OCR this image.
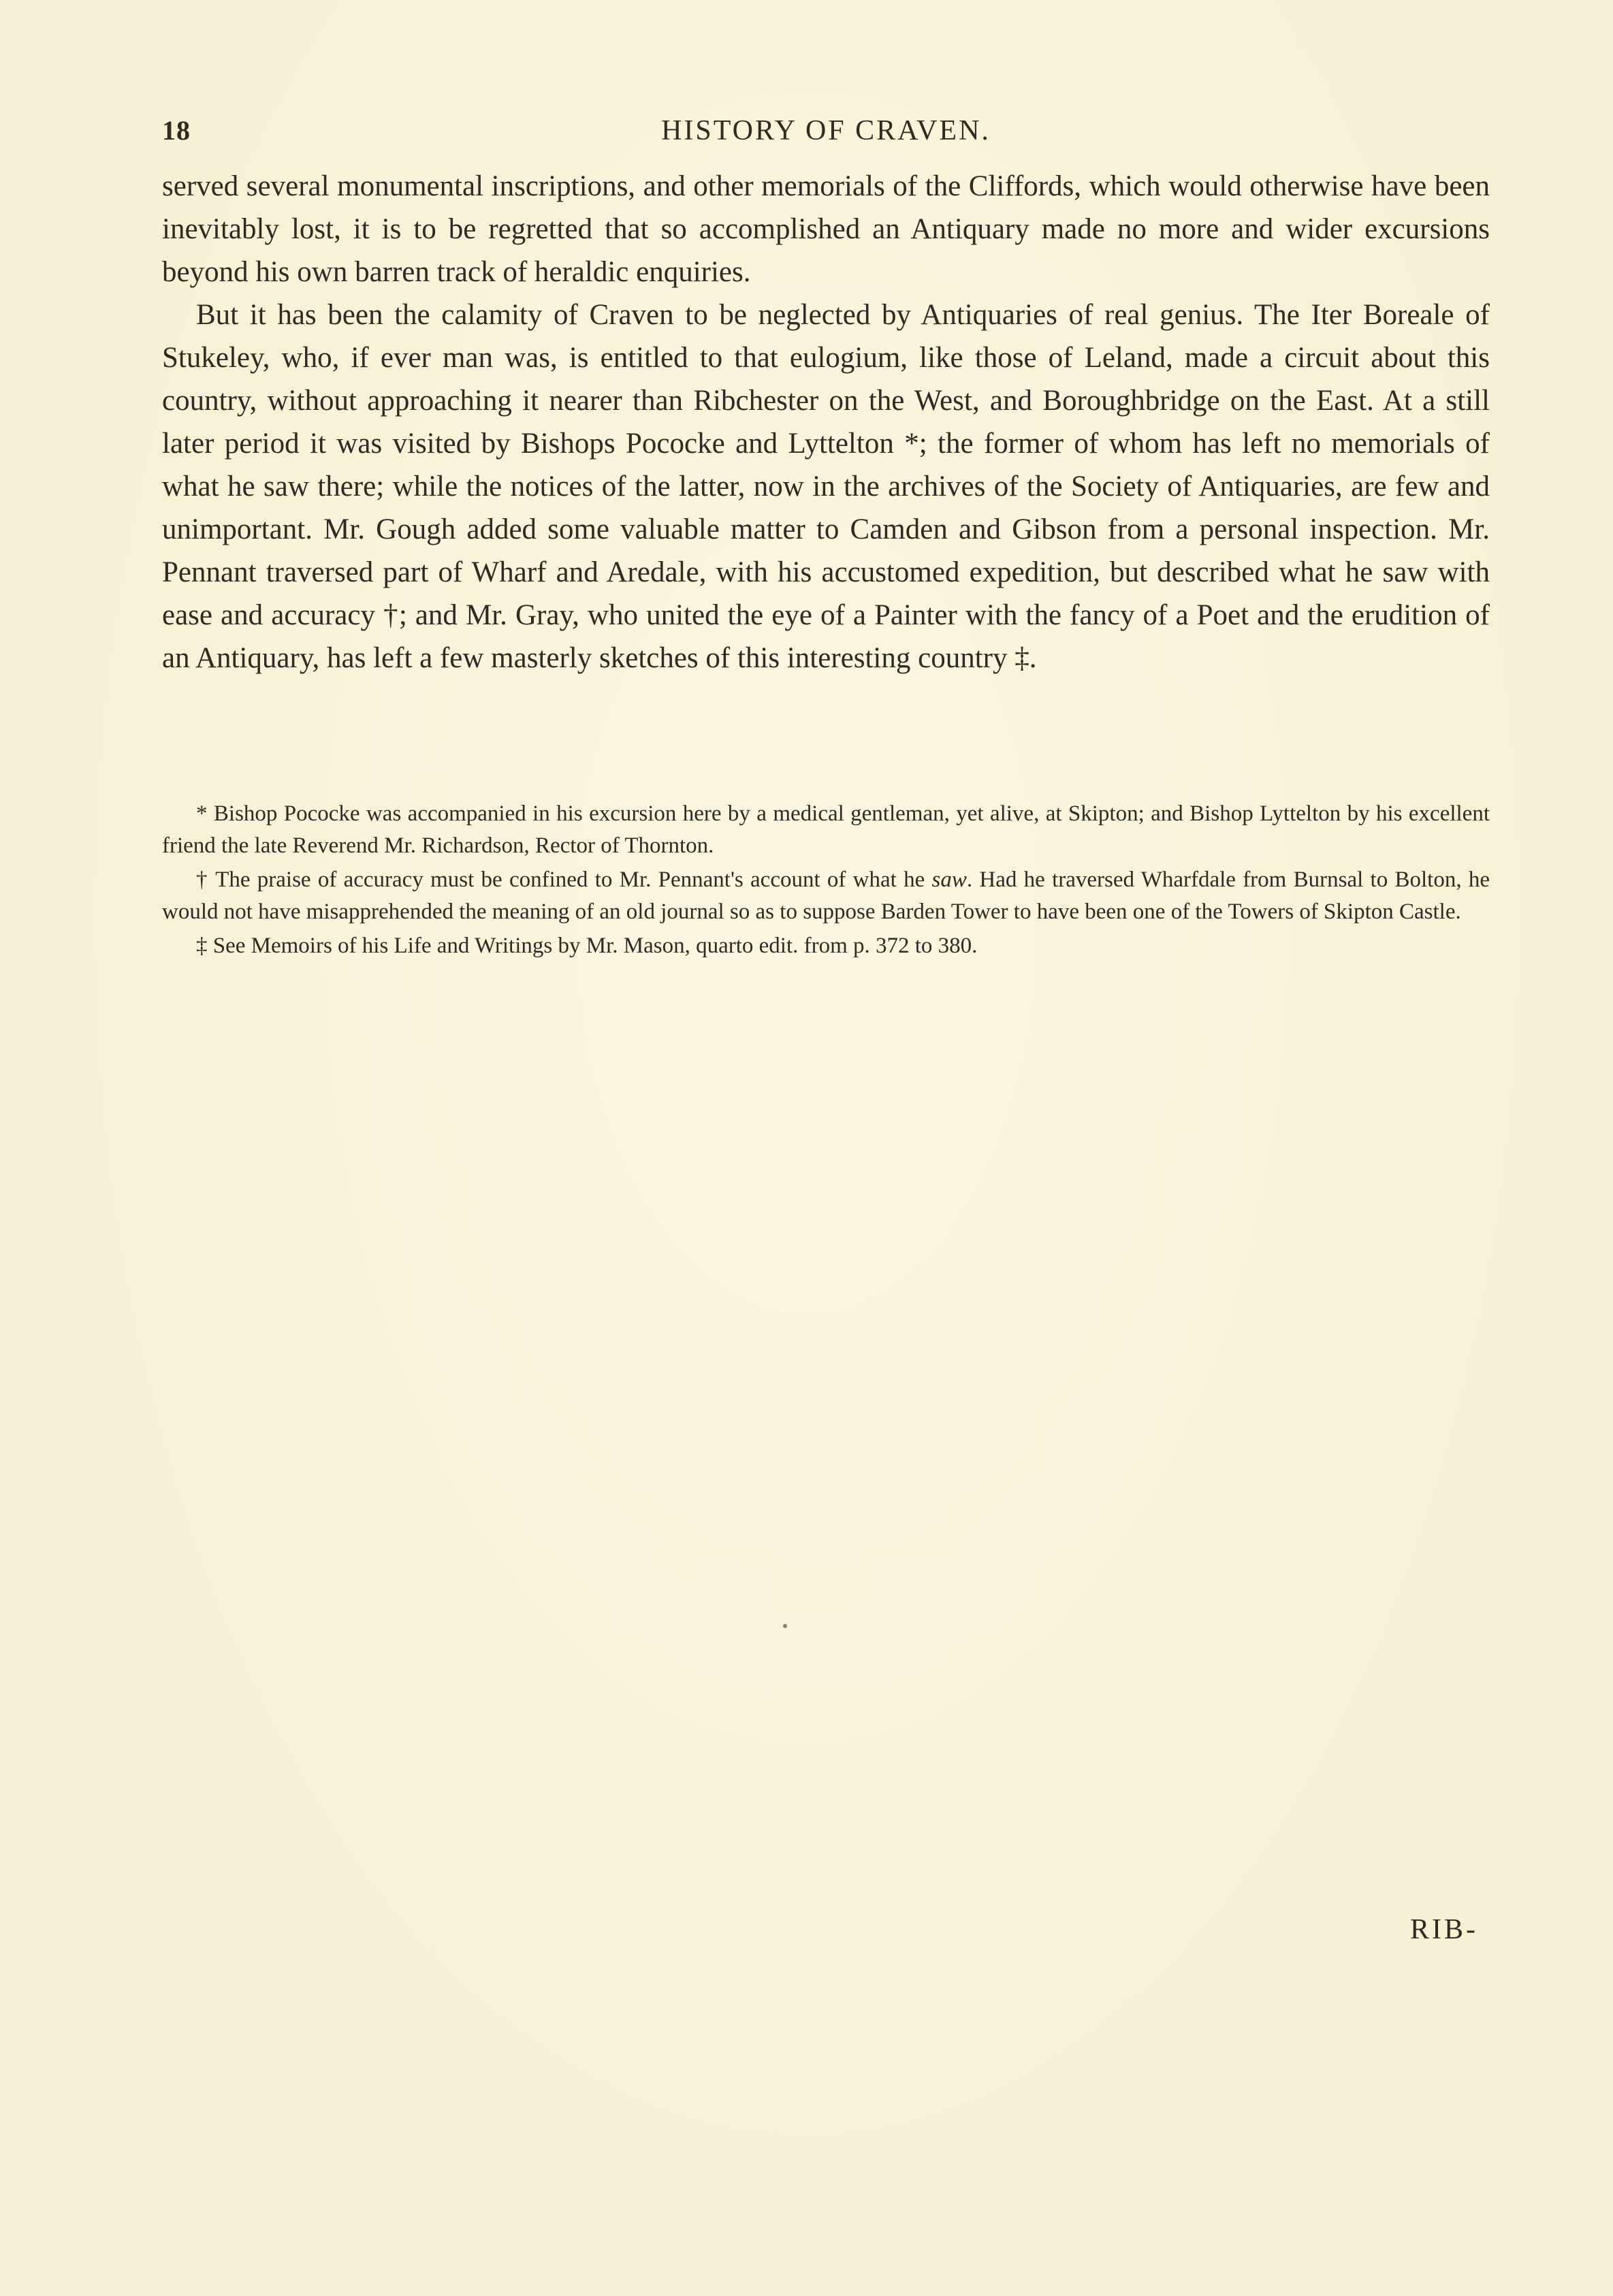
18	HISTORY OF CRAVEN.

served several monumental inscriptions, and other memorials of the Cliffords, which would otherwise have been inevitably lost, it is to be regretted that so accomplished an Antiquary made no more and wider excursions beyond his own barren track of heraldic enquiries.

But it has been the calamity of Craven to be neglected by Antiquaries of real genius. The Iter Boreale of Stukeley, who, if ever man was, is entitled to that eulogium, like those of Leland, made a circuit about this country, without approaching it nearer than Ribchester on the West, and Boroughbridge on the East. At a still later period it was visited by Bishops Pococke and Lyttelton *; the former of whom has left no memorials of what he saw there; while the notices of the latter, now in the archives of the Society of Antiquaries, are few and unimportant. Mr. Gough added some valuable matter to Camden and Gibson from a personal inspection. Mr. Pennant traversed part of Wharf and Aredale, with his accustomed expedition, but described what he saw with ease and accuracy †; and Mr. Gray, who united the eye of a Painter with the fancy of a Poet and the erudition of an Antiquary, has left a few masterly sketches of this interesting country ‡.

* Bishop Pococke was accompanied in his excursion here by a medical gentleman, yet alive, at Skipton; and Bishop Lyttelton by his excellent friend the late Reverend Mr. Richardson, Rector of Thornton.

† The praise of accuracy must be confined to Mr. Pennant's account of what he saw. Had he traversed Wharfdale from Burnsal to Bolton, he would not have misapprehended the meaning of an old journal so as to suppose Barden Tower to have been one of the Towers of Skipton Castle.

‡ See Memoirs of his Life and Writings by Mr. Mason, quarto edit. from p. 372 to 380.

RIB-
